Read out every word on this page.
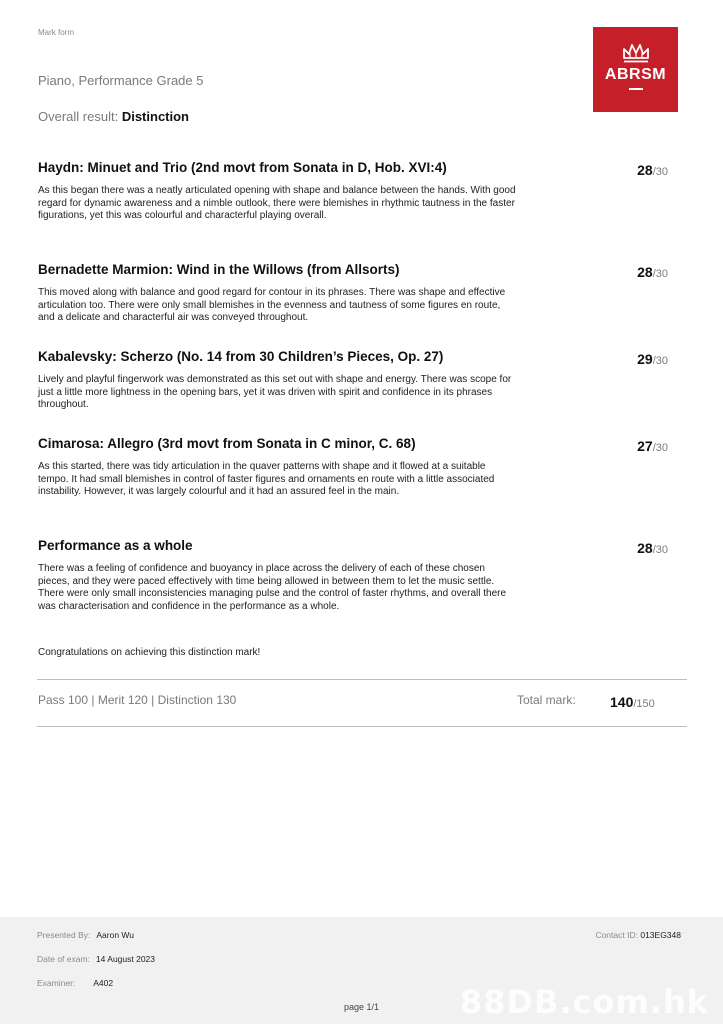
Mark form
Piano, Performance Grade 5
Overall result: Distinction
ABRSM
Haydn: Minuet and Trio (2nd movt from Sonata in D, Hob. XVI:4)	28/30
As this began there was a neatly articulated opening with shape and balance between the hands. With good regard for dynamic awareness and a nimble outlook, there were blemishes in rhythmic tautness in the faster figurations, yet this was colourful and characterful playing overall.
Bernadette Marmion: Wind in the Willows (from Allsorts)	28/30
This moved along with balance and good regard for contour in its phrases. There was shape and effective articulation too. There were only small blemishes in the evenness and tautness of some figures en route, and a delicate and characterful air was conveyed throughout.
Kabalevsky: Scherzo (No. 14 from 30 Children’s Pieces, Op. 27)	29/30
Lively and playful fingerwork was demonstrated as this set out with shape and energy. There was scope for just a little more lightness in the opening bars, yet it was driven with spirit and confidence in its phrases throughout.
Cimarosa: Allegro (3rd movt from Sonata in C minor, C. 68)	27/30
As this started, there was tidy articulation in the quaver patterns with shape and it flowed at a suitable tempo. It had small blemishes in control of faster figures and ornaments en route with a little associated instability. However, it was largely colourful and it had an assured feel in the main.
Performance as a whole	28/30
There was a feeling of confidence and buoyancy in place across the delivery of each of these chosen pieces, and they were paced effectively with time being allowed in between them to let the music settle. There were only small inconsistencies managing pulse and the control of faster rhythms, and overall there was characterisation and confidence in the performance as a whole.
Congratulations on achieving this distinction mark!
Pass 100 | Merit 120 | Distinction 130	Total mark: 140/150
Presented By: Aaron Wu
Date of exam: 14 August 2023
Examiner: A402
Contact ID: 013EG348
88DB.com.hk
page 1/1
